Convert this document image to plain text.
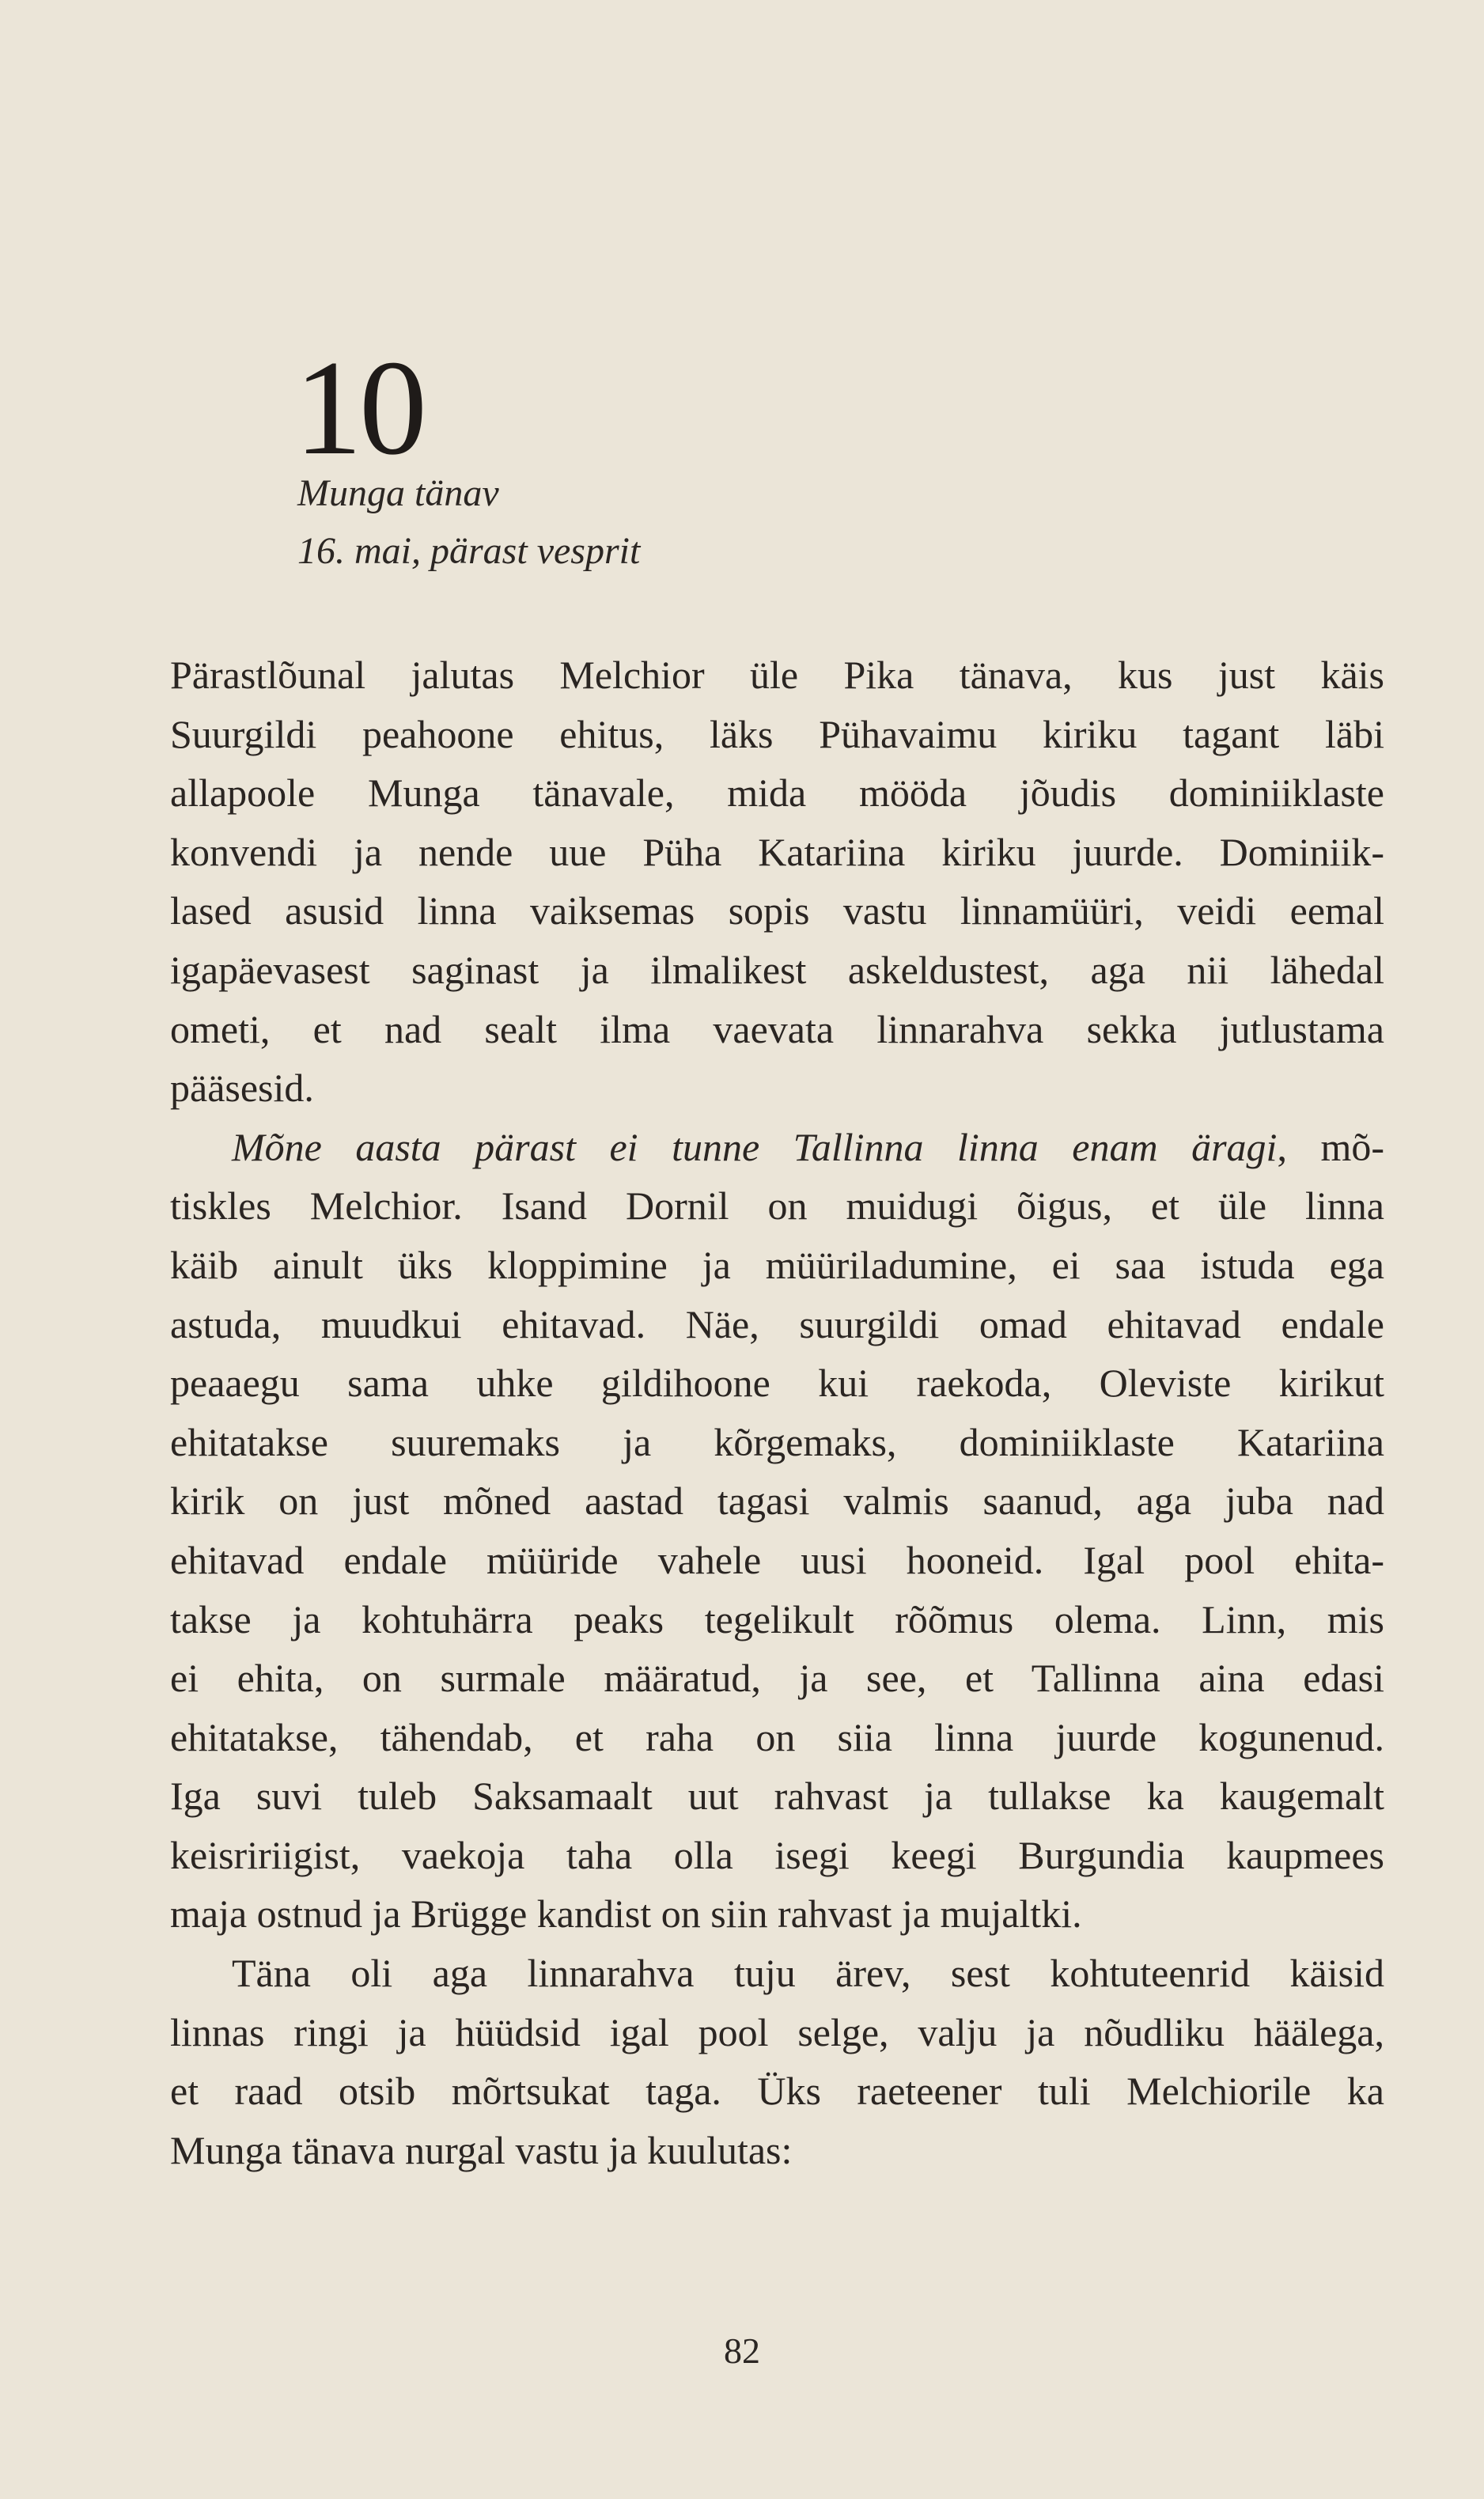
10
Munga tänav
16. mai, pärast vesprit
Pärastlõunal jalutas Melchior üle Pika tänava, kus just käis
Suurgildi peahoone ehitus, läks Pühavaimu kiriku tagant läbi
allapoole Munga tänavale, mida mööda jõudis dominiiklaste
konvendi ja nende uue Püha Katariina kiriku juurde. Dominiik-
lased asusid linna vaiksemas sopis vastu linnamüüri, veidi eemal
igapäevasest saginast ja ilmalikest askeldustest, aga nii lähedal
ometi, et nad sealt ilma vaevata linnarahva sekka jutlustama
pääsesid.
Mõne aasta pärast ei tunne Tallinna linna enam äragi, mõ-
tiskles Melchior. Isand Dornil on muidugi õigus, et üle linna
käib ainult üks kloppimine ja müüriladumine, ei saa istuda ega
astuda, muudkui ehitavad. Näe, suurgildi omad ehitavad endale
peaaegu sama uhke gildihoone kui raekoda, Oleviste kirikut
ehitatakse suuremaks ja kõrgemaks, dominiiklaste Katariina
kirik on just mõned aastad tagasi valmis saanud, aga juba nad
ehitavad endale müüride vahele uusi hooneid. Igal pool ehita-
takse ja kohtuhärra peaks tegelikult rõõmus olema. Linn, mis
ei ehita, on surmale määratud, ja see, et Tallinna aina edasi
ehitatakse, tähendab, et raha on siia linna juurde kogunenud.
Iga suvi tuleb Saksamaalt uut rahvast ja tullakse ka kaugemalt
keisririigist, vaekoja taha olla isegi keegi Burgundia kaupmees
maja ostnud ja Brügge kandist on siin rahvast ja mujaltki.
Täna oli aga linnarahva tuju ärev, sest kohtuteenrid käisid
linnas ringi ja hüüdsid igal pool selge, valju ja nõudliku häälega,
et raad otsib mõrtsukat taga. Üks raeteener tuli Melchiorile ka
Munga tänava nurgal vastu ja kuulutas:
82
